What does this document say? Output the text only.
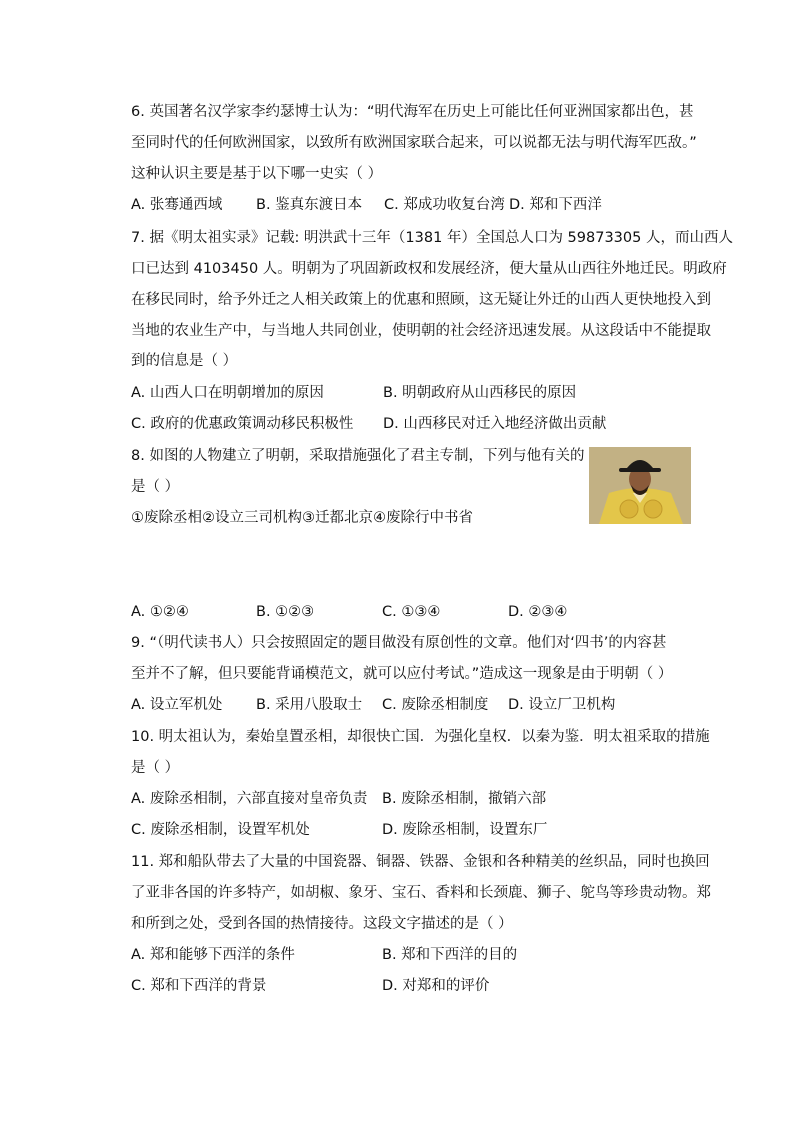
6. 英国著名汉学家李约瑟博士认为：“明代海军在历史上可能比任何亚洲国家都出色，甚
至同时代的任何欧洲国家，以致所有欧洲国家联合起来，可以说都无法与明代海军匹敌。”
这种认识主要是基于以下哪一史实（ ）
A. 张骞通西域 B. 鉴真东渡日本 C. 郑成功收复台湾 D. 郑和下西洋
7. 据《明太祖实录》记载: 明洪武十三年（1381 年）全国总人口为 59873305 人，而山西人
口已达到 4103450 人。明朝为了巩固新政权和发展经济，便大量从山西往外地迁民。明政府
在移民同时，给予外迁之人相关政策上的优惠和照顾，这无疑让外迁的山西人更快地投入到
当地的农业生产中，与当地人共同创业，使明朝的社会经济迅速发展。从这段话中不能提取
到的信息是（ ）
A. 山西人口在明朝增加的原因	B. 明朝政府从山西移民的原因
C. 政府的优惠政策调动移民积极性 D. 山西移民对迁入地经济做出贡献
8. 如图的人物建立了明朝，采取措施强化了君主专制，下列与他有关的
是（ ）
①废除丞相②设立三司机构③迁都北京④废除行中书省
A. ①②④	B. ①②③	C. ①③④	D. ②③④
9. “（明代读书人）只会按照固定的题目做没有原创性的文章。他们对‘四书’的内容甚
至并不了解，但只要能背诵模范文，就可以应付考试。”造成这一现象是由于明朝（ ）
A. 设立军机处 B. 采用八股取士 C. 废除丞相制度 D. 设立厂卫机构
10. 明太祖认为，秦始皇置丞相，却很快亡国．为强化皇权．以秦为鉴．明太祖采取的措施
是（ ）
A. 废除丞相制，六部直接对皇帝负责 B. 废除丞相制，撤销六部
C. 废除丞相制，设置军机处	D. 废除丞相制，设置东厂
11. 郑和船队带去了大量的中国瓷器、铜器、铁器、金银和各种精美的丝织品，同时也换回
了亚非各国的许多特产，如胡椒、象牙、宝石、香料和长颈鹿、狮子、鸵鸟等珍贵动物。郑
和所到之处，受到各国的热情接待。这段文字描述的是（ ）
A. 郑和能够下西洋的条件	B. 郑和下西洋的目的
C. 郑和下西洋的背景	D. 对郑和的评价
